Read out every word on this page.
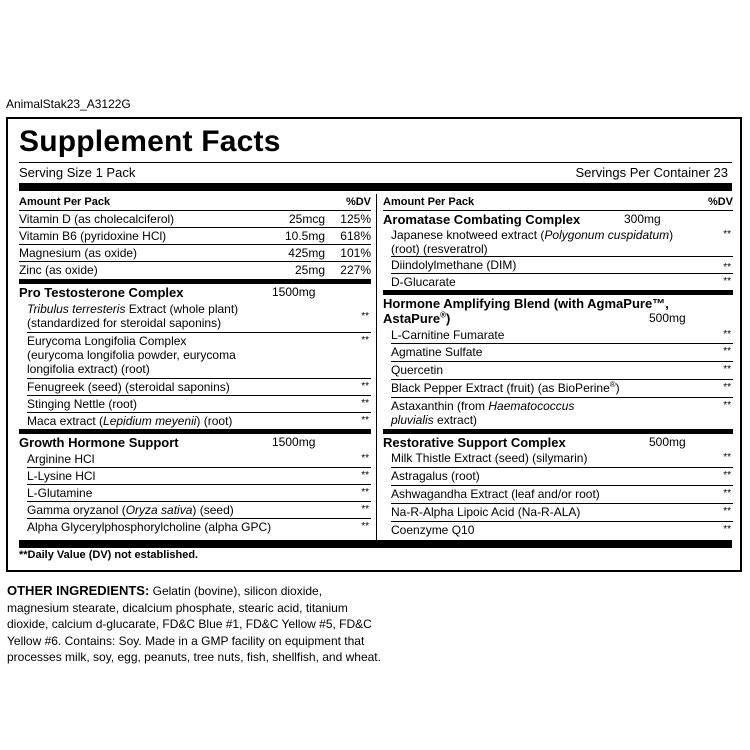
AnimalStak23_A3122G
Supplement Facts
Serving Size 1 Pack	Servings Per Container 23
Amount Per Pack	%DV
Vitamin D (as cholecalciferol)	25mcg 125%
Vitamin B6 (pyridoxine HCl)	10.5mg 618%
Magnesium (as oxide)	425mg 101%
Zinc (as oxide)	25mg 227%
Pro Testosterone Complex	1500mg
Tribulus terresteris Extract (whole plant)
(standardized for steroidal saponins)	**
Eurycoma Longifolia Complex
(eurycoma longifolia powder, eurycoma
longifolia extract) (root)
**
Fenugreek (seed) (steroidal saponins)	**
Stinging Nettle (root)	**
Maca extract (Lepidium meyenii) (root)	**
Growth Hormone Support	1500mg
Arginine HCl	**
L-Lysine HCl	**
L-Glutamine	**
Gamma oryzanol (Oryza sativa) (seed)	**
Alpha Glycerylphosphorylcholine (alpha GPC)	**
Amount Per Pack	%DV
Aromatase Combating Complex	300mg
Japanese knotweed extract (Polygonum cuspidatum)
(root) (resveratrol)
**
Diindolylmethane (DIM)	**
D-Glucarate	**
Hormone Amplifying Blend (with AgmaPure™, AstaPure®)	500mg
L-Carnitine Fumarate	**
Agmatine Sulfate	**
Quercetin	**
Black Pepper Extract (fruit) (as BioPerine®)	**
Astaxanthin (from Haematococcus
pluvialis extract)
**
Restorative Support Complex	500mg
Milk Thistle Extract (seed) (silymarin)	**
Astragalus (root)	**
Ashwagandha Extract (leaf and/or root)	**
Na-R-Alpha Lipoic Acid (Na-R-ALA)	**
Coenzyme Q10	**
**Daily Value (DV) not established.
OTHER INGREDIENTS: Gelatin (bovine), silicon dioxide, magnesium stearate, dicalcium phosphate, stearic acid, titanium dioxide, calcium d-glucarate, FD&C Blue #1, FD&C Yellow #5, FD&C Yellow #6. Contains: Soy. Made in a GMP facility on equipment that processes milk, soy, egg, peanuts, tree nuts, fish, shellfish, and wheat.
